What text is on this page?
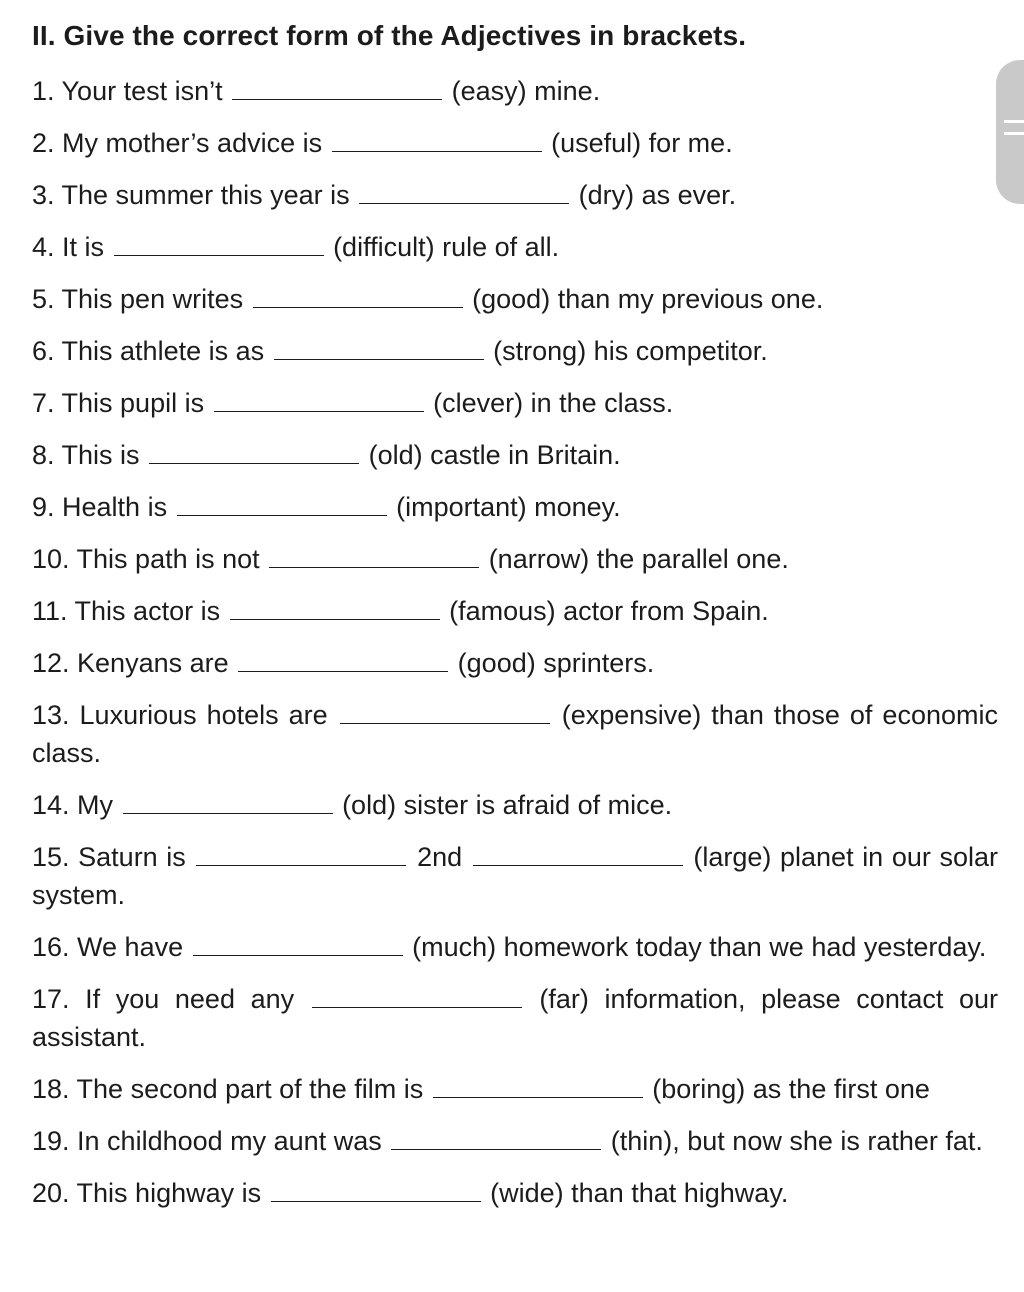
II. Give the correct form of the Adjectives in brackets.
1. Your test isn’t	(easy) mine.
2. My mother’s advice is	(useful) for me.
3. The summer this year is	(dry) as ever.
4. It is	(difficult) rule of all.
5. This pen writes	(good) than my previous one.
6. This athlete is as	(strong) his competitor.
7. This pupil is	(clever) in the class.
8. This is	(old) castle in Britain.
9. Health is	(important) money.
10. This path is not	(narrow) the parallel one.
11. This actor is	(famous) actor from Spain.
12. Kenyans are	(good) sprinters.
13. Luxurious hotels are	(expensive) than those of economic class.
14. My	(old) sister is afraid of mice.
15. Saturn is	2nd	(large) planet in our solar system.
16. We have	(much) homework today than we had yesterday.
17. If you need any	(far) information, please contact our assistant.
18. The second part of the film is	(boring) as the first one
19. In childhood my aunt was	(thin), but now she is rather fat.
20. This highway is	(wide) than that highway.
